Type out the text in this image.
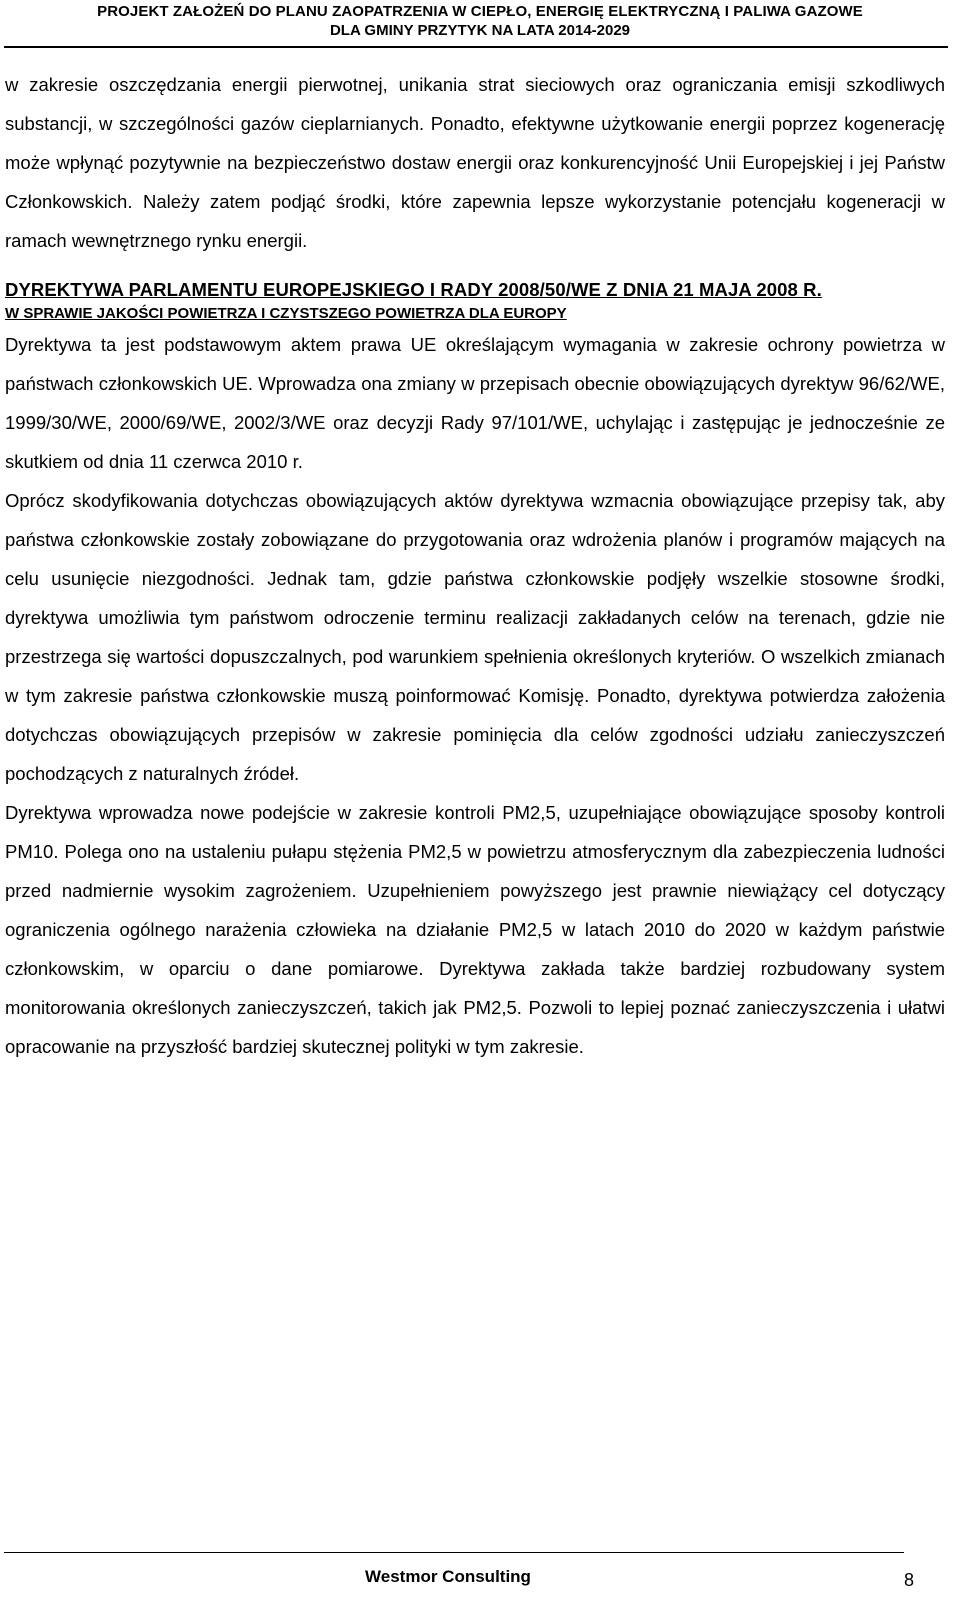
PROJEKT ZAŁOŻEŃ DO PLANU ZAOPATRZENIA W CIEPŁO, ENERGIĘ ELEKTRYCZNĄ I PALIWA GAZOWE
DLA GMINY PRZYTYK NA LATA 2014-2029

w zakresie oszczędzania energii pierwotnej, unikania strat sieciowych oraz ograniczania emisji szkodliwych substancji, w szczególności gazów cieplarnianych. Ponadto, efektywne użytkowanie energii poprzez kogenerację może wpłynąć pozytywnie na bezpieczeństwo dostaw energii oraz konkurencyjność Unii Europejskiej i jej Państw Członkowskich. Należy zatem podjąć środki, które zapewnia lepsze wykorzystanie potencjału kogeneracji w ramach wewnętrznego rynku energii.

DYREKTYWA PARLAMENTU EUROPEJSKIEGO I RADY 2008/50/WE Z DNIA 21 MAJA 2008 R.

W SPRAWIE JAKOŚCI POWIETRZA I CZYSTSZEGO POWIETRZA DLA EUROPY

Dyrektywa ta jest podstawowym aktem prawa UE określającym wymagania w zakresie ochrony powietrza w państwach członkowskich UE. Wprowadza ona zmiany w przepisach obecnie obowiązujących dyrektyw 96/62/WE, 1999/30/WE, 2000/69/WE, 2002/3/WE oraz decyzji Rady 97/101/WE, uchylając i zastępując je jednocześnie ze skutkiem od dnia 11 czerwca 2010 r.

Oprócz skodyfikowania dotychczas obowiązujących aktów dyrektywa wzmacnia obowiązujące przepisy tak, aby państwa członkowskie zostały zobowiązane do przygotowania oraz wdrożenia planów i programów mających na celu usunięcie niezgodności. Jednak tam, gdzie państwa członkowskie podjęły wszelkie stosowne środki, dyrektywa umożliwia tym państwom odroczenie terminu realizacji zakładanych celów na terenach, gdzie nie przestrzega się wartości dopuszczalnych, pod warunkiem spełnienia określonych kryteriów. O wszelkich zmianach w tym zakresie państwa członkowskie muszą poinformować Komisję. Ponadto, dyrektywa potwierdza założenia dotychczas obowiązujących przepisów w zakresie pominięcia dla celów zgodności udziału zanieczyszczeń pochodzących z naturalnych źródeł.

Dyrektywa wprowadza nowe podejście w zakresie kontroli PM2,5, uzupełniające obowiązujące sposoby kontroli PM10. Polega ono na ustaleniu pułapu stężenia PM2,5 w powietrzu atmosferycznym dla zabezpieczenia ludności przed nadmiernie wysokim zagrożeniem. Uzupełnieniem powyższego jest prawnie niewiążący cel dotyczący ograniczenia ogólnego narażenia człowieka na działanie PM2,5 w latach 2010 do 2020 w każdym państwie członkowskim, w oparciu o dane pomiarowe. Dyrektywa zakłada także bardziej rozbudowany system monitorowania określonych zanieczyszczeń, takich jak PM2,5. Pozwoli to lepiej poznać zanieczyszczenia i ułatwi opracowanie na przyszłość bardziej skutecznej polityki w tym zakresie.

Westmor Consulting	8
